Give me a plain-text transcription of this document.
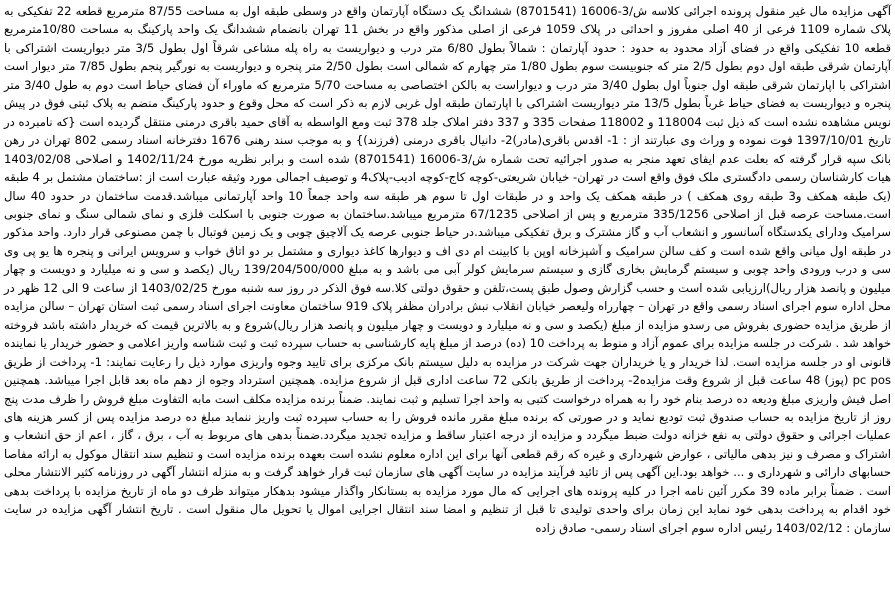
آگهی مزایده مال غیر منقول پرونده اجرائی کلاسه ش/3-16006 (8701541) ششدانگ یک دستگاه آپارتمان واقع در وسطی طبقه اول به مساحت 87/55 مترمربع قطعه 22 تفکیکی به پلاک شماره 1109 فرعی از 40 اصلی مفروز و احداثی در پلاک 1059 فرعی از اصلی مذکور واقع در بخش 11 تهران بانضمام ششدانگ یک واحد پارکینگ به مساحت 10/80مترمربع قطعه 10 تفکیکی واقع در فضای آزاد محدود به حدود : حدود آپارتمان : شمالاً بطول 6/80 متر درب و دیواریست به راه پله مشاعی شرقاً اول بطول 3/5 متر دیواریست اشتراکی با آپارتمان شرقی طبقه اول دوم بطول 2/5 متر که جنوبیست سوم بطول 1/80 متر چهارم که شمالی است بطول 2/50 متر پنجره و دیواریست به نورگیر پنجم بطول 7/85 متر دیوار است اشتراکی با اپارتمان شرقی طبقه اول جنوباً اول بطول 3/40 متر درب و دیواراست به بالکن اختصاصی به مساحت 5/70 مترمربع که ماوراء آن فضای حیاط است دوم به طول 3/40 متر پنجره و دیواریست به فضای حیاط غرباً بطول 13/5 متر دیواریست اشتراکی با اپارتمان طبقه اول غربی لازم به ذکر است که محل وقوع و حدود پارکینگ منضم به پلاک ثبتی فوق در پیش نویس مشاهده نشده است که ذیل ثبت 118004 و 118002 صفحات 335 و 337 دفتر املاک جلد 378 ثبت ومع الواسطه به آقای حمید باقری درمنی منتقل گردیده است {که نامبرده در تاریخ 1397/10/01 فوت نموده و وراث وی عبارتند از : 1- اقدس باقری(مادر)2- دانیال باقری درمنی (فرزند)} و به موجب سند رهنی 1676 دفترخانه اسناد رسمی 802 تهران در رهن بانک سپه قرار گرفته که بعلت عدم ایفای تعهد منجر به صدور اجرائیه تحت شماره ش/3-16006 (8701541) شده است و برابر نظریه مورخ 1402/11/24 و اصلاحی 1403/02/08 هیات کارشناسان رسمی دادگستری ملک فوق واقع است در تهران- خیابان شریعتی-کوچه کاج-کوچه ادیب-پلاک4 و توصیف اجمالی مورد وثیقه عبارت است از :ساختمان مشتمل بر 4 طبقه (یک طبقه همکف و3 طبقه روی همکف ) در طبقه همکف یک واحد و در طبقات اول تا سوم هر طبقه سه واحد جمعاً 10 واحد آپارتمانی میباشد.قدمت ساختمان در حدود 40 سال است.مساحت عرصه قبل از اصلاحی 335/1256 مترمربع و پس از اصلاحی 67/1235 مترمربع میباشد.ساختمان به صورت جنوبی با اسکلت فلزی و نمای شمالی سنگ و نمای جنوبی سرامیک ودارای یکدستگاه آسانسور و انشعاب آب و گاز مشترک و برق تفکیکی میباشد.در حیاط جنوبی عرصه یک آلاچیق چوبی و یک زمین فوتبال با چمن مصنوعی قرار دارد. واحد مذکور در طبقه اول میانی واقع شده است و کف سالن سرامیک و آشپزخانه اوپن با کابینت ام دی اف و دیوارها کاغذ دیواری و مشتمل بر دو اتاق خواب و سرویس ایرانی و پنجره ها یو پی وی سی و درب ورودی واحد چوبی و سیستم گرمایش بخاری گازی و سیستم سرمایش کولر آبی می باشد و به مبلغ 139/204/500/000 ریال (یکصد و سی و نه میلیارد و دویست و چهار میلیون و پانصد هزار ریال)ارزیابی شده است و حسب گزارش وصول طبق پست،تلفن و حقوق دولتی کلا.سه فوق الذکر در روز سه شنبه مورخ 1403/02/25 از ساعت 9 الی 12 ظهر در محل اداره سوم اجرای اسناد رسمی واقع در تهران – چهارراه ولیعصر خیابان انقلاب نبش برادران مظفر پلاک 919 ساختمان معاونت اجرای اسناد رسمی ثبت استان تهران – سالن مزایده از طریق مزایده حضوری بفروش می رسدو مزایده از مبلغ (یکصد و سی و نه میلیارد و دویست و چهار میلیون و پانصد هزار ریال)شروع و به بالاترین قیمت که خریدار داشته باشد فروخته خواهد شد . شرکت در جلسه مزایده برای عموم آزاد و منوط به پرداخت 10 (ده) درصد از مبلغ پایه کارشناسی به حساب سپرده ثبت و ثبت شناسه واریز اعلامی و حضور خریدار یا نماینده قانونی او در جلسه مزایده است. لذا خریدار و یا خریداران جهت شرکت در مزایده به دلیل سیستم بانک مرکزی برای تایید وجوه واریزی موارد ذیل را رعایت نمایند: 1- پرداخت از طریق pc pos (پوز) 48 ساعت قبل از شروع وقت مزایده2- پرداخت از طریق بانکی 72 ساعت اداری قبل از شروع مزایده. همچنین استرداد وجوه از دهم ماه بعد قابل اجرا میباشد. همچنین اصل فیش واریزی مبلغ ودیعه ده درصد بنام خود را به همراه درخواست کتبی به واحد اجرا تسلیم و ثبت نمایند. ضمناً برنده مزایده مکلف است مابه التفاوت مبلغ فروش را ظرف مدت پنج روز از تاریخ مزایده به حساب صندوق ثبت تودیع نماید و در صورتی که برنده مبلغ مقرر مانده فروش را به حساب سپرده ثبت واریز ننماید مبلغ ده درصد مزایده پس از کسر هزینه های عملیات اجرائی و حقوق دولتی به نفع خزانه دولت ضبط میگردد و مزایده از درجه اعتبار ساقط و مزایده تجدید میگردد.ضمناً بدهی های مربوط به آب ، برق ، گاز ، اعم از حق انشعاب و اشتراک و مصرف و نیز بدهی مالیاتی ، عوارض شهرداری و غیره که رقم قطعی آنها برای این اداره معلوم نشده است بعهده برنده مزایده است و تنظیم سند انتقال موکول به ارائه مفاصا حسابهای دارائی و شهرداری و ... خواهد بود.این آگهی پس از تائید فرآیند مزایده در سایت آگهی های سازمان ثبت قرار خواهد گرفت و به منزله انتشار آگهی در روزنامه کثیر الانتشار محلی است . ضمناً برابر ماده 39 مکرر آئین نامه اجرا در کلیه پرونده های اجرایی که مال مورد مزایده به بستانکار واگذار میشود بدهکار میتواند ظرف دو ماه از تاریخ مزایده با پرداخت بدهی خود اقدام به پرداخت بدهی خود نماید این زمان برای واحدی تولیدی تا قبل از تنظیم و امضا سند انتقال اجرایی اموال یا تحویل مال منقول است . تاریخ انتشار آگهی مزایده در سایت سازمان : 1403/02/12 رئیس اداره سوم اجرای اسناد رسمی- صادق زاده
